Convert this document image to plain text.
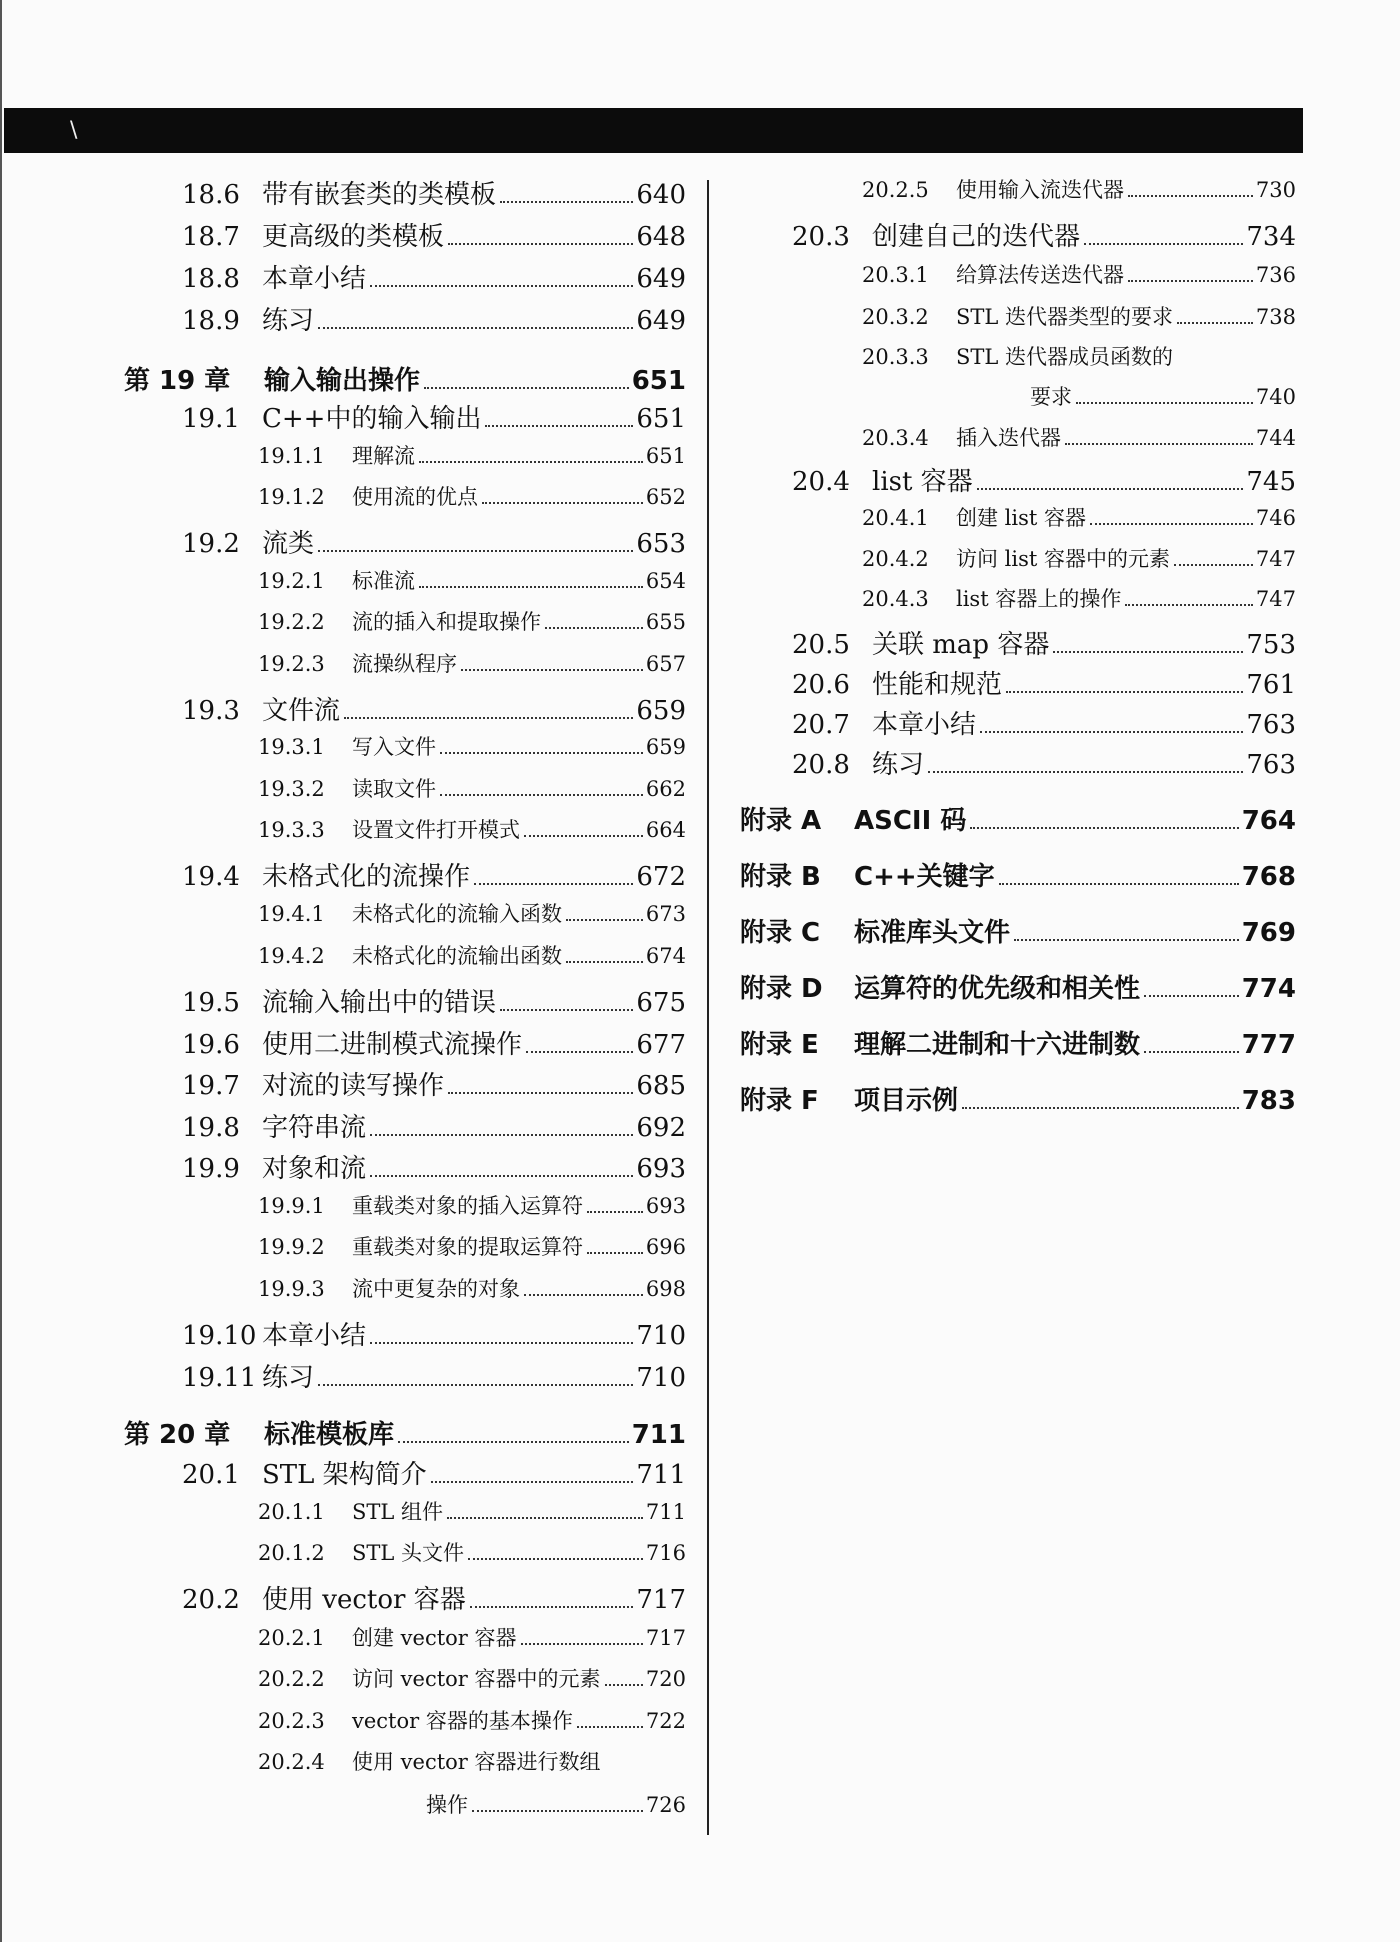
\
18.6 带有嵌套类的类模板	640
18.7 更高级的类模板	648
18.8 本章小结	649
18.9 练习	649
第 19 章	输入输出操作	651
19.1 C++中的输入输出	651
19.1.1	理解流	651
19.1.2	使用流的优点	652
19.2 流类	653
19.2.1	标准流	654
19.2.2	流的插入和提取操作	655
19.2.3	流操纵程序	657
19.3 文件流	659
19.3.1	写入文件	659
19.3.2	读取文件	662
19.3.3	设置文件打开模式	664
19.4 未格式化的流操作	672
19.4.1	未格式化的流输入函数	673
19.4.2	未格式化的流输出函数	674
19.5 流输入输出中的错误	675
19.6 使用二进制模式流操作	677
19.7 对流的读写操作	685
19.8 字符串流	692
19.9 对象和流	693
19.9.1	重载类对象的插入运算符	693
19.9.2	重载类对象的提取运算符	696
19.9.3	流中更复杂的对象	698
19.10 本章小结	710
19.11 练习	710
第 20 章	标准模板库	711
20.1 STL 架构简介	711
20.1.1	STL 组件	711
20.1.2	STL 头文件	716
20.2 使用 vector 容器	717
20.2.1	创建 vector 容器	717
20.2.2	访问 vector 容器中的元素 720
20.2.3	vector 容器的基本操作	722
20.2.4	使用 vector 容器进行数组
操作	726
20.2.5	使用输入流迭代器	730
20.3 创建自己的迭代器	734
20.3.1	给算法传送迭代器	736
20.3.2	STL 迭代器类型的要求	738
20.3.3	STL 迭代器成员函数的
要求	740
20.3.4	插入迭代器	744
20.4 list 容器	745
20.4.1	创建 list 容器	746
20.4.2	访问 list 容器中的元素	747
20.4.3	list 容器上的操作	747
20.5 关联 map 容器	753
20.6 性能和规范	761
20.7 本章小结	763
20.8 练习	763
附录 A	ASCII 码	764
附录 B	C++关键字	768
附录 C	标准库头文件	769
附录 D	运算符的优先级和相关性	774
附录 E	理解二进制和十六进制数	777
附录 F	项目示例	783
